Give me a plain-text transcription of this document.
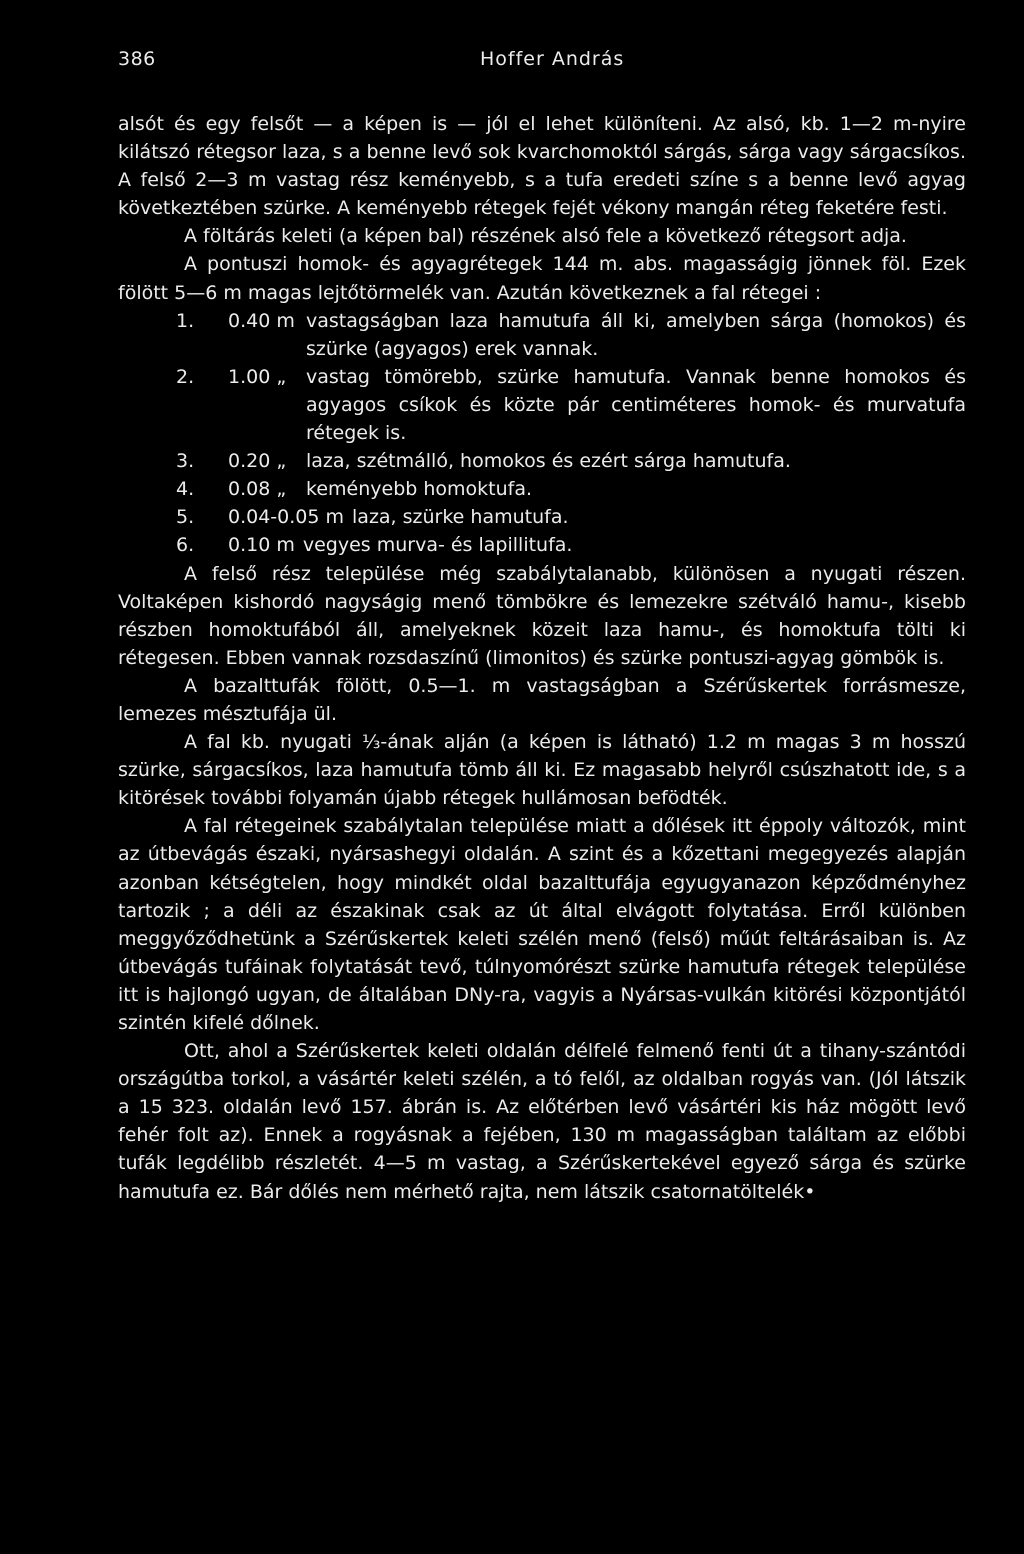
386	Hoffer András

alsót és egy felsőt — a képen is — jól el lehet különíteni. Az alsó, kb. 1—2 m-nyire kilátszó rétegsor laza, s a benne levő sok kvarchomoktól sárgás, sárga vagy sárgacsíkos. A felső 2—3 m vastag rész keményebb, s a tufa eredeti színe s a benne levő agyag következtében szürke. A keményebb rétegek fejét vékony mangán réteg feketére festi.

A föltárás keleti (a képen bal) részének alsó fele a következő rétegsort adja.

A pontuszi homok- és agyagrétegek 144 m. abs. magasságig jönnek föl. Ezek fölött 5—6 m magas lejtőtörmelék van. Azután következnek a fal rétegei :

1.	0.40 m vastagságban laza hamutufa áll ki, amelyben sárga (homokos) és szürke (agyagos) erek vannak.
2.	1.00 „	vastag tömörebb, szürke hamutufa. Vannak benne homokos és agyagos csíkok és közte pár centiméteres homok- és murvatufa rétegek is.
3.	0.20 „	laza, szétmálló, homokos és ezért sárga hamutufa.
4.	0.08 „	keményebb homoktufa.
5.	0.04-0.05 m laza, szürke hamutufa.
6.	0.10 m vegyes murva- és lapillitufa.

A felső rész települése még szabálytalanabb, különösen a nyugati részen. Voltaképen kishordó nagyságig menő tömbökre és lemezekre szétváló hamu-, kisebb részben homoktufából áll, amelyeknek közeit laza hamu-, és homoktufa tölti ki rétegesen. Ebben vannak rozsdaszínű (limonitos) és szürke pontuszi-agyag gömbök is.

A bazalttufák fölött, 0.5—1. m vastagságban a Szérűskertek forrásmesze, lemezes mésztufája ül.

A fal kb. nyugati ⅓-ának alján (a képen is látható) 1.2 m magas 3 m hosszú szürke, sárgacsíkos, laza hamutufa tömb áll ki. Ez magasabb helyről csúszhatott ide, s a kitörések további folyamán újabb rétegek hullámosan befödték.

A fal rétegeinek szabálytalan települése miatt a dőlések itt éppoly változók, mint az útbevágás északi, nyársashegyi oldalán. A szint és a kőzettani megegyezés alapján azonban kétségtelen, hogy mindkét oldal bazalttufája egyugyanazon képződményhez tartozik ; a déli az északinak csak az út által elvágott folytatása. Erről különben meggyőződhetünk a Szérűskertek keleti szélén menő (felső) műút feltárásaiban is. Az útbevágás tufáinak folytatását tevő, túlnyomórészt szürke hamutufa rétegek települése itt is hajlongó ugyan, de általában DNy-ra, vagyis a Nyársas-vulkán kitörési központjától szintén kifelé dőlnek.

Ott, ahol a Szérűskertek keleti oldalán délfelé felmenő fenti út a tihany-szántódi országútba torkol, a vásártér keleti szélén, a tó felől, az oldalban rogyás van. (Jól látszik a 15 323. oldalán levő 157. ábrán is. Az előtérben levő vásártéri kis ház mögött levő fehér folt az). Ennek a rogyásnak a fejében, 130 m magasságban találtam az előbbi tufák legdélibb részletét. 4—5 m vastag, a Szérűskertekével egyező sárga és szürke hamutufa ez. Bár dőlés nem mérhető rajta, nem látszik csatornatöltelék•
